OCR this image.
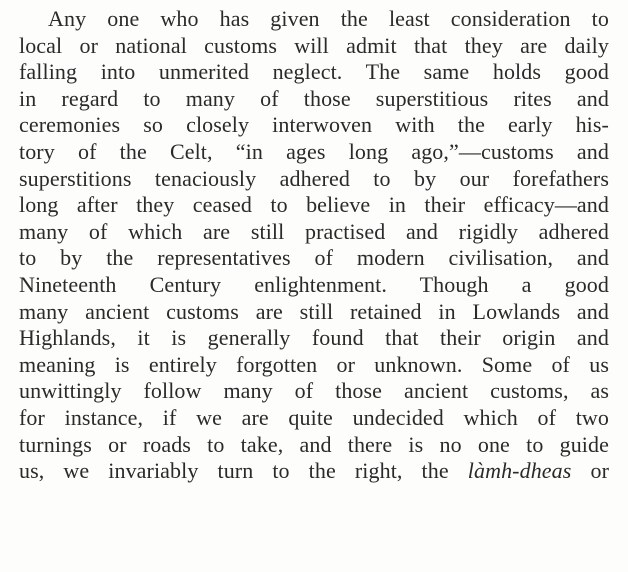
Any one who has given the least consideration to
local or national customs will admit that they are daily
falling into unmerited neglect. The same holds good
in regard to many of those superstitious rites and
ceremonies so closely interwoven with the early his-
tory of the Celt, “in ages long ago,”—customs and
superstitions tenaciously adhered to by our forefathers
long after they ceased to believe in their efficacy—and
many of which are still practised and rigidly adhered
to by the representatives of modern civilisation, and
Nineteenth Century enlightenment. Though a good
many ancient customs are still retained in Lowlands and
Highlands, it is generally found that their origin and
meaning is entirely forgotten or unknown. Some of us
unwittingly follow many of those ancient customs, as
for instance, if we are quite undecided which of two
turnings or roads to take, and there is no one to guide
us, we invariably turn to the right, the làmh-dheas or
